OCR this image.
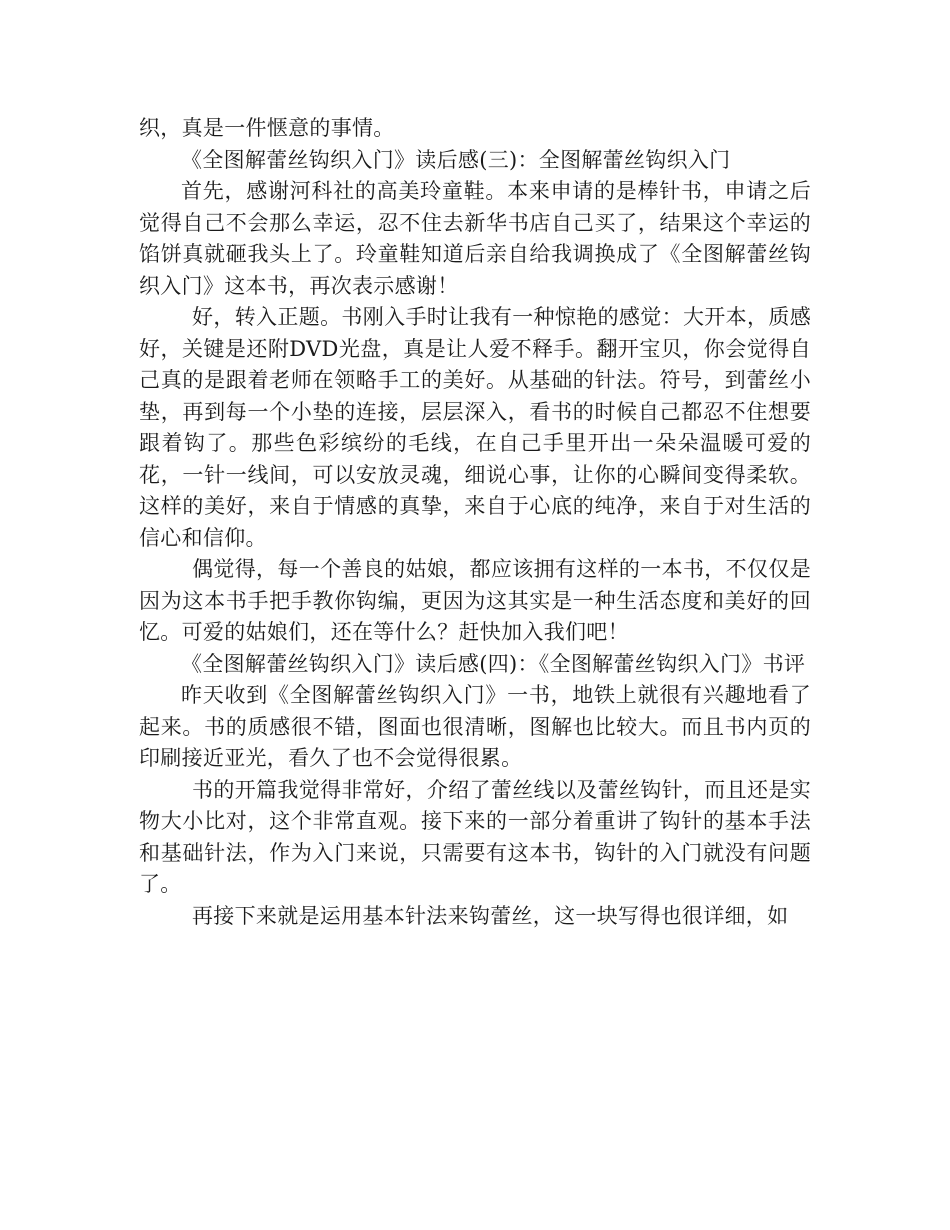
织，真是一件惬意的事情。

《全图解蕾丝钩织入门》读后感(三)：全图解蕾丝钩织入门

首先，感谢河科社的高美玲童鞋。本来申请的是棒针书，申请之后觉得自己不会那么幸运，忍不住去新华书店自己买了，结果这个幸运的馅饼真就砸我头上了。玲童鞋知道后亲自给我调换成了《全图解蕾丝钩织入门》这本书，再次表示感谢！

好，转入正题。书刚入手时让我有一种惊艳的感觉：大开本，质感好，关键是还附DVD光盘，真是让人爱不释手。翻开宝贝，你会觉得自己真的是跟着老师在领略手工的美好。从基础的针法。符号，到蕾丝小垫，再到每一个小垫的连接，层层深入，看书的时候自己都忍不住想要跟着钩了。那些色彩缤纷的毛线，在自己手里开出一朵朵温暖可爱的花，一针一线间，可以安放灵魂，细说心事，让你的心瞬间变得柔软。这样的美好，来自于情感的真挚，来自于心底的纯净，来自于对生活的信心和信仰。

偶觉得，每一个善良的姑娘，都应该拥有这样的一本书，不仅仅是因为这本书手把手教你钩编，更因为这其实是一种生活态度和美好的回忆。可爱的姑娘们，还在等什么？赶快加入我们吧！

《全图解蕾丝钩织入门》读后感(四)：《全图解蕾丝钩织入门》书评

昨天收到《全图解蕾丝钩织入门》一书，地铁上就很有兴趣地看了起来。书的质感很不错，图面也很清晰，图解也比较大。而且书内页的印刷接近亚光，看久了也不会觉得很累。

书的开篇我觉得非常好，介绍了蕾丝线以及蕾丝钩针，而且还是实物大小比对，这个非常直观。接下来的一部分着重讲了钩针的基本手法和基础针法，作为入门来说，只需要有这本书，钩针的入门就没有问题了。

再接下来就是运用基本针法来钩蕾丝，这一块写得也很详细，如
